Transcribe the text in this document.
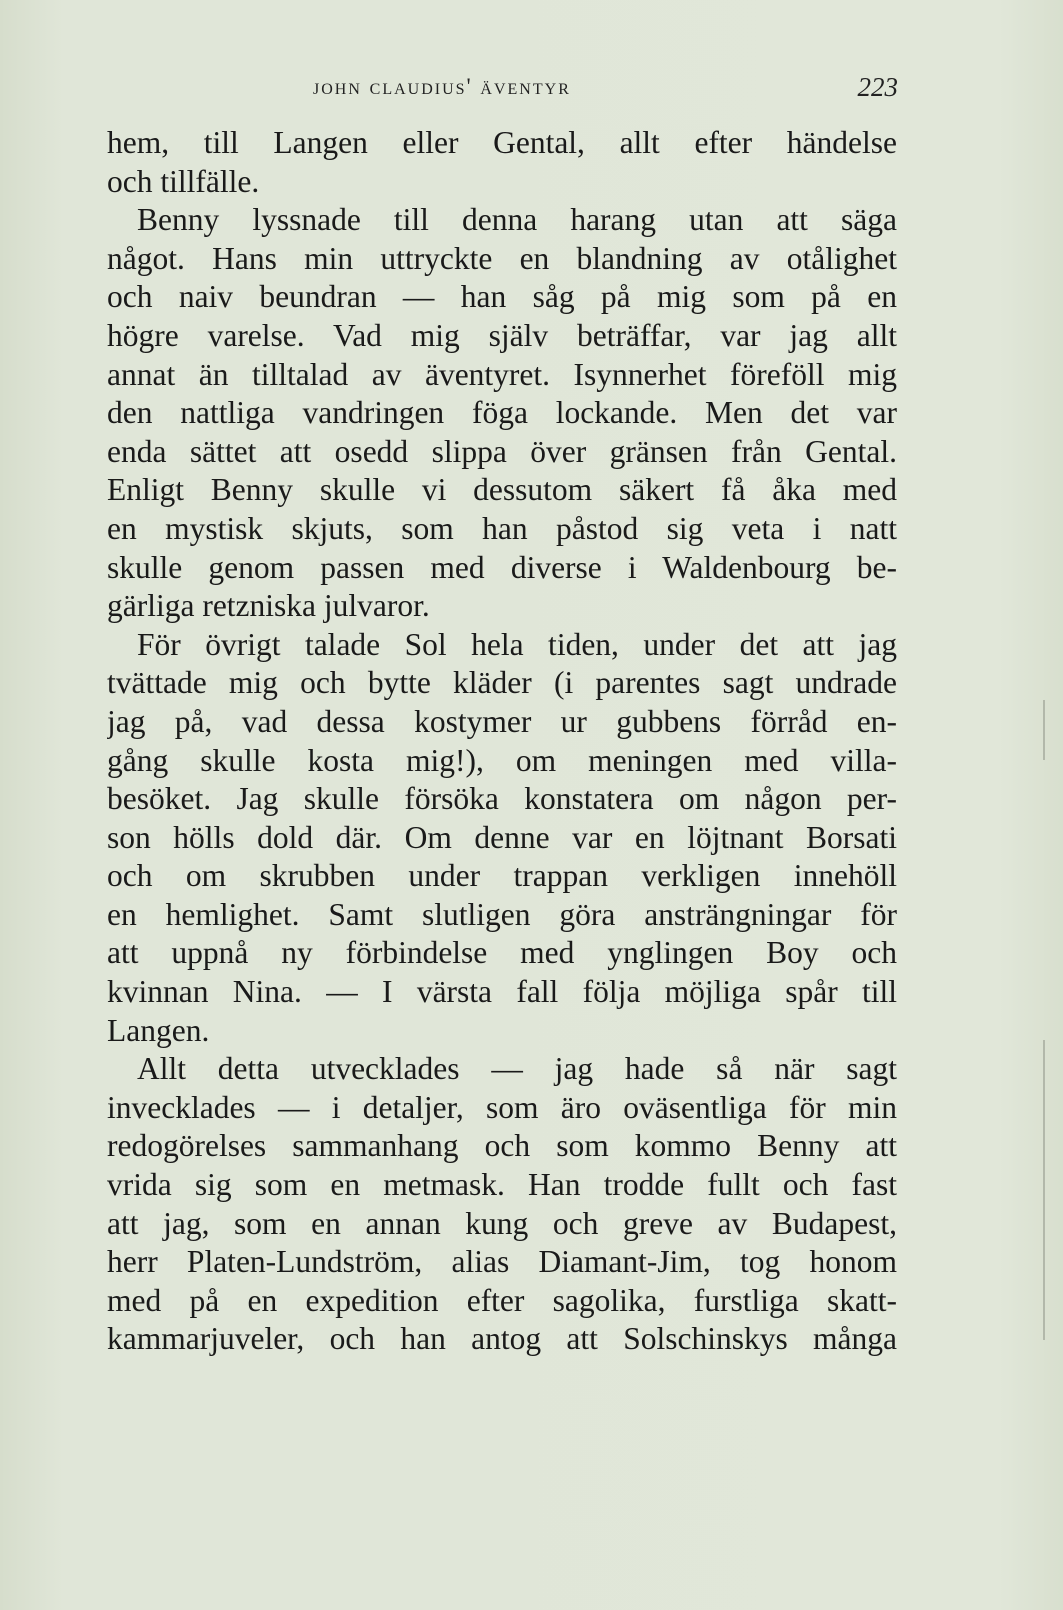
john claudius' äventyr	223
hem, till Langen eller Gental, allt efter händelse
och tillfälle.
Benny lyssnade till denna harang utan att säga
något. Hans min uttryckte en blandning av otålighet
och naiv beundran — han såg på mig som på en
högre varelse. Vad mig själv beträffar, var jag allt
annat än tilltalad av äventyret. Isynnerhet föreföll mig
den nattliga vandringen föga lockande. Men det var
enda sättet att osedd slippa över gränsen från Gental.
Enligt Benny skulle vi dessutom säkert få åka med
en mystisk skjuts, som han påstod sig veta i natt
skulle genom passen med diverse i Waldenbourg be-
gärliga retzniska julvaror.
För övrigt talade Sol hela tiden, under det att jag
tvättade mig och bytte kläder (i parentes sagt undrade
jag på, vad dessa kostymer ur gubbens förråd en-
gång skulle kosta mig!), om meningen med villa-
besöket. Jag skulle försöka konstatera om någon per-
son hölls dold där. Om denne var en löjtnant Borsati
och om skrubben under trappan verkligen innehöll
en hemlighet. Samt slutligen göra ansträngningar för
att uppnå ny förbindelse med ynglingen Boy och
kvinnan Nina. — I värsta fall följa möjliga spår till
Langen.
Allt detta utvecklades — jag hade så när sagt
invecklades — i detaljer, som äro oväsentliga för min
redogörelses sammanhang och som kommo Benny att
vrida sig som en metmask. Han trodde fullt och fast
att jag, som en annan kung och greve av Budapest,
herr Platen-Lundström, alias Diamant-Jim, tog honom
med på en expedition efter sagolika, furstliga skatt-
kammarjuveler, och han antog att Solschinskys många
